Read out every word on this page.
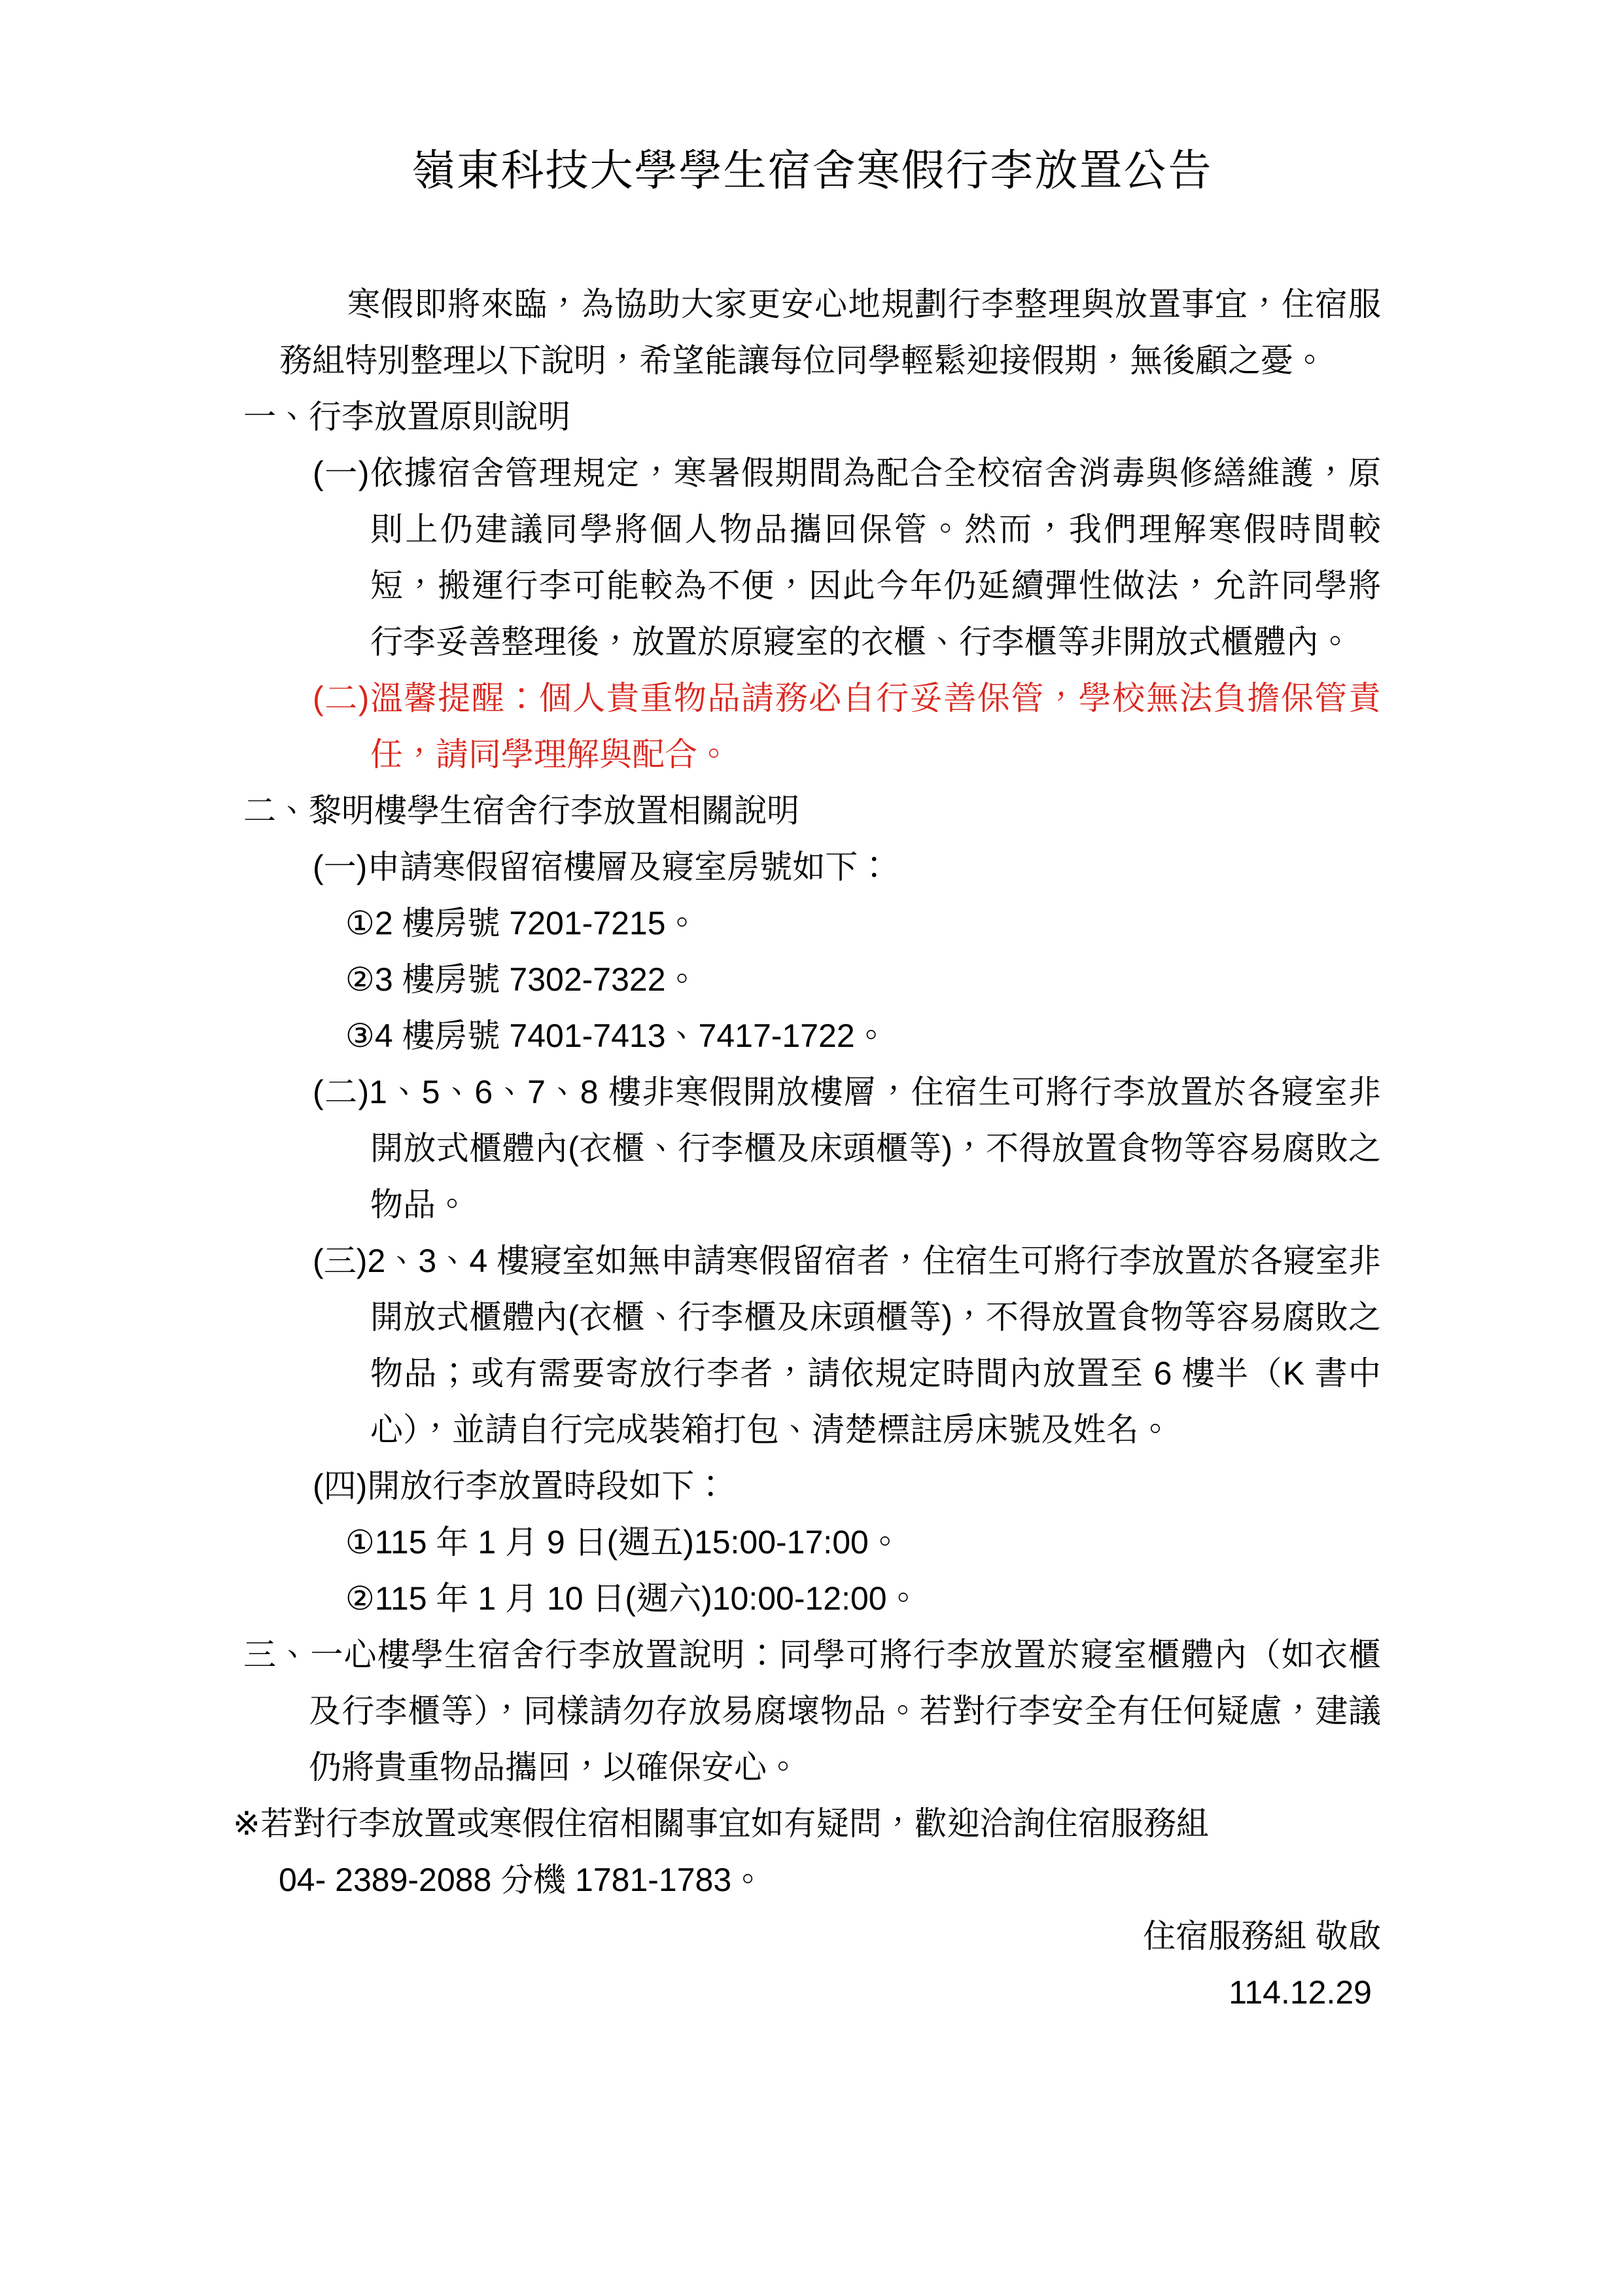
嶺東科技大學學生宿舍寒假行李放置公告

寒假即將來臨，為協助大家更安心地規劃行李整理與放置事宜，住宿服務組特別整理以下說明，希望能讓每位同學輕鬆迎接假期，無後顧之憂。

一、行李放置原則說明

(一)依據宿舍管理規定，寒暑假期間為配合全校宿舍消毒與修繕維護，原則上仍建議同學將個人物品攜回保管。然而，我們理解寒假時間較短，搬運行李可能較為不便，因此今年仍延續彈性做法，允許同學將行李妥善整理後，放置於原寢室的衣櫃、行李櫃等非開放式櫃體內。

(二)溫馨提醒：個人貴重物品請務必自行妥善保管，學校無法負擔保管責任，請同學理解與配合。

二、黎明樓學生宿舍行李放置相關說明

(一)申請寒假留宿樓層及寢室房號如下：

①2 樓房號 7201-7215。

②3 樓房號 7302-7322。

③4 樓房號 7401-7413、7417-1722。

(二)1、5、6、7、8 樓非寒假開放樓層，住宿生可將行李放置於各寢室非開放式櫃體內(衣櫃、行李櫃及床頭櫃等)，不得放置食物等容易腐敗之物品。

(三)2、3、4 樓寢室如無申請寒假留宿者，住宿生可將行李放置於各寢室非開放式櫃體內(衣櫃、行李櫃及床頭櫃等)，不得放置食物等容易腐敗之物品；或有需要寄放行李者，請依規定時間內放置至 6 樓半（K 書中心），並請自行完成裝箱打包、清楚標註房床號及姓名。

(四)開放行李放置時段如下：

①115 年 1 月 9 日(週五)15:00-17:00。

②115 年 1 月 10 日(週六)10:00-12:00。

三、一心樓學生宿舍行李放置說明：同學可將行李放置於寢室櫃體內（如衣櫃及行李櫃等），同樣請勿存放易腐壞物品。若對行李安全有任何疑慮，建議仍將貴重物品攜回，以確保安心。

※若對行李放置或寒假住宿相關事宜如有疑問，歡迎洽詢住宿服務組

04- 2389-2088 分機 1781-1783。

住宿服務組 敬啟

114.12.29
